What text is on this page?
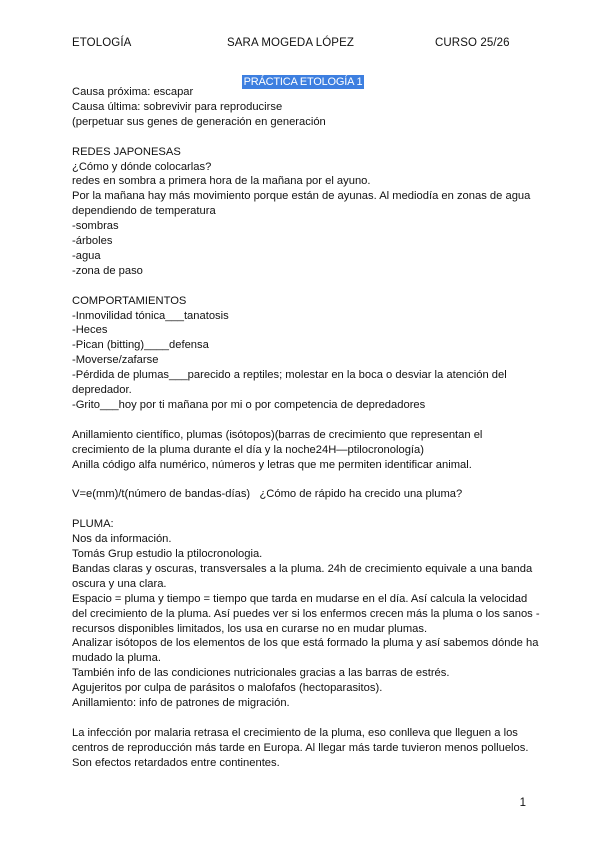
ETOLOGÍA	SARA MOGEDA LÓPEZ	CURSO 25/26
PRÁCTICA ETOLOGÍA 1
Causa próxima: escapar
Causa última: sobrevivir para reproducirse
(perpetuar sus genes de generación en generación
REDES JAPONESAS
¿Cómo y dónde colocarlas?
redes en sombra a primera hora de la mañana por el ayuno.
Por la mañana hay más movimiento porque están de ayunas. Al mediodía en zonas de agua dependiendo de temperatura
-sombras
-árboles
-agua
-zona de paso
COMPORTAMIENTOS
-Inmovilidad tónica___tanatosis
-Heces
-Pican (bitting)____defensa
-Moverse/zafarse
-Pérdida de plumas___parecido a reptiles; molestar en la boca o desviar la atención del depredador.
-Grito___hoy por ti mañana por mi o por competencia de depredadores
Anillamiento científico, plumas (isótopos)(barras de crecimiento que representan el crecimiento de la pluma durante el día y la noche24H—ptilocronología)
Anilla código alfa numérico, números y letras que me permiten identificar animal.
V=e(mm)/t(número de bandas-días)   ¿Cómo de rápido ha crecido una pluma?
PLUMA:
Nos da información.
Tomás Grup estudio la ptilocronologia.
Bandas claras y oscuras, transversales a la pluma. 24h de crecimiento equivale a una banda oscura y una clara.
Espacio = pluma y tiempo = tiempo que tarda en mudarse en el día. Así calcula la velocidad del crecimiento de la pluma. Así puedes ver si los enfermos crecen más la pluma o los sanos - recursos disponibles limitados, los usa en curarse no en mudar plumas.
Analizar isótopos de los elementos de los que está formado la pluma y así sabemos dónde ha mudado la pluma.
También info de las condiciones nutricionales gracias a las barras de estrés.
Agujeritos por culpa de parásitos o malofafos (hectoparasitos).
Anillamiento: info de patrones de migración.
La infección por malaria retrasa el crecimiento de la pluma, eso conlleva que lleguen a los centros de reproducción más tarde en Europa. Al llegar más tarde tuvieron menos polluelos. Son efectos retardados entre continentes.
1
